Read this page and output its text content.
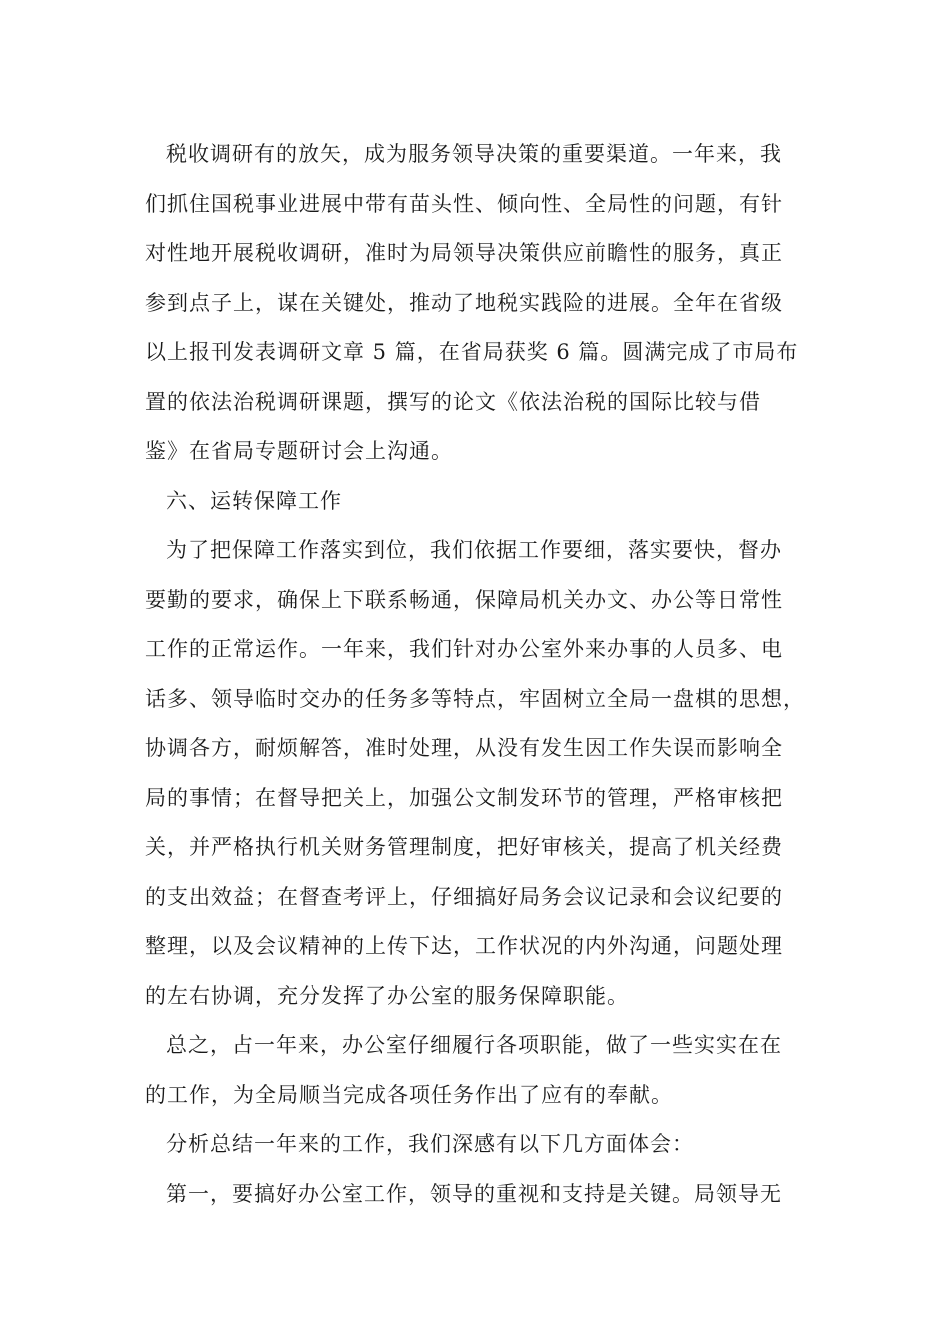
税收调研有的放矢，成为服务领导决策的重要渠道。一年来，我
们抓住国税事业进展中带有苗头性、倾向性、全局性的问题，有针
对性地开展税收调研，准时为局领导决策供应前瞻性的服务，真正
参到点子上，谋在关键处，推动了地税实践险的进展。全年在省级
以上报刊发表调研文章 5 篇，在省局获奖 6 篇。圆满完成了市局布
置的依法治税调研课题，撰写的论文《依法治税的国际比较与借
鉴》在省局专题研讨会上沟通。
六、运转保障工作
为了把保障工作落实到位，我们依据工作要细，落实要快，督办
要勤的要求，确保上下联系畅通，保障局机关办文、办公等日常性
工作的正常运作。一年来，我们针对办公室外来办事的人员多、电
话多、领导临时交办的任务多等特点，牢固树立全局一盘棋的思想，
协调各方，耐烦解答，准时处理，从没有发生因工作失误而影响全
局的事情；在督导把关上，加强公文制发环节的管理，严格审核把
关，并严格执行机关财务管理制度，把好审核关，提高了机关经费
的支出效益；在督查考评上，仔细搞好局务会议记录和会议纪要的
整理，以及会议精神的上传下达，工作状况的内外沟通，问题处理
的左右协调，充分发挥了办公室的服务保障职能。
总之，占一年来，办公室仔细履行各项职能，做了一些实实在在
的工作，为全局顺当完成各项任务作出了应有的奉献。
分析总结一年来的工作，我们深感有以下几方面体会：
第一，要搞好办公室工作，领导的重视和支持是关键。局领导无
